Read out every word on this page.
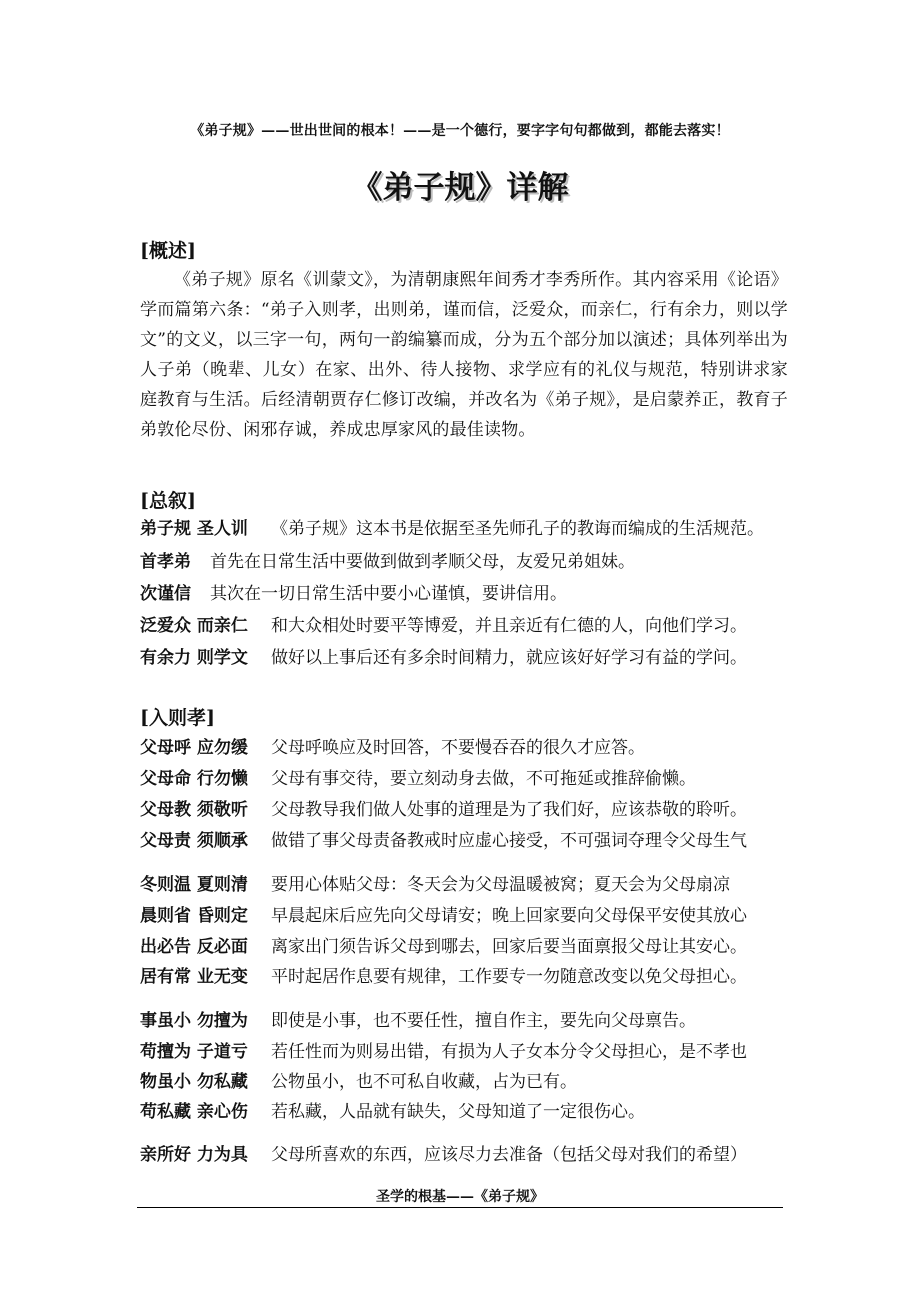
《弟子规》——世出世间的根本！——是一个德行，要字字句句都做到，都能去落实！
《弟子规》详解
[概述]
《弟子规》原名《训蒙文》，为清朝康熙年间秀才李秀所作。其内容采用《论语》学而篇第六条：“弟子入则孝，出则弟，谨而信，泛爱众，而亲仁，行有余力，则以学文”的文义，以三字一句，两句一韵编纂而成，分为五个部分加以演述；具体列举出为人子弟（晚辈、儿女）在家、出外、待人接物、求学应有的礼仪与规范，特别讲求家庭教育与生活。后经清朝贾存仁修订改编，并改名为《弟子规》，是启蒙养正，教育子弟敦伦尽份、闲邪存诚，养成忠厚家风的最佳读物。
[总叙]
弟子规 圣人训 《弟子规》这本书是依据至圣先师孔子的教诲而编成的生活规范。
首孝弟 首先在日常生活中要做到做到孝顺父母，友爱兄弟姐妹。
次谨信 其次在一切日常生活中要小心谨慎，要讲信用。
泛爱众 而亲仁 和大众相处时要平等博爱，并且亲近有仁德的人，向他们学习。
有余力 则学文 做好以上事后还有多余时间精力，就应该好好学习有益的学问。
[入则孝]
父母呼 应勿缓 父母呼唤应及时回答，不要慢吞吞的很久才应答。
父母命 行勿懒 父母有事交待，要立刻动身去做，不可拖延或推辞偷懒。
父母教 须敬听 父母教导我们做人处事的道理是为了我们好，应该恭敬的聆听。
父母责 须顺承 做错了事父母责备教戒时应虚心接受，不可强词夺理令父母生气
冬则温 夏则清 要用心体贴父母：冬天会为父母温暖被窝；夏天会为父母扇凉
晨则省 昏则定 早晨起床后应先向父母请安；晚上回家要向父母保平安使其放心
出必告 反必面 离家出门须告诉父母到哪去，回家后要当面禀报父母让其安心。
居有常 业无变 平时起居作息要有规律，工作要专一勿随意改变以免父母担心。
事虽小 勿擅为 即使是小事，也不要任性，擅自作主，要先向父母禀告。
苟擅为 子道亏 若任性而为则易出错，有损为人子女本分令父母担心，是不孝也
物虽小 勿私藏 公物虽小，也不可私自收藏，占为已有。
苟私藏 亲心伤 若私藏，人品就有缺失，父母知道了一定很伤心。
亲所好 力为具 父母所喜欢的东西，应该尽力去准备（包括父母对我们的希望）
圣学的根基——《弟子规》
